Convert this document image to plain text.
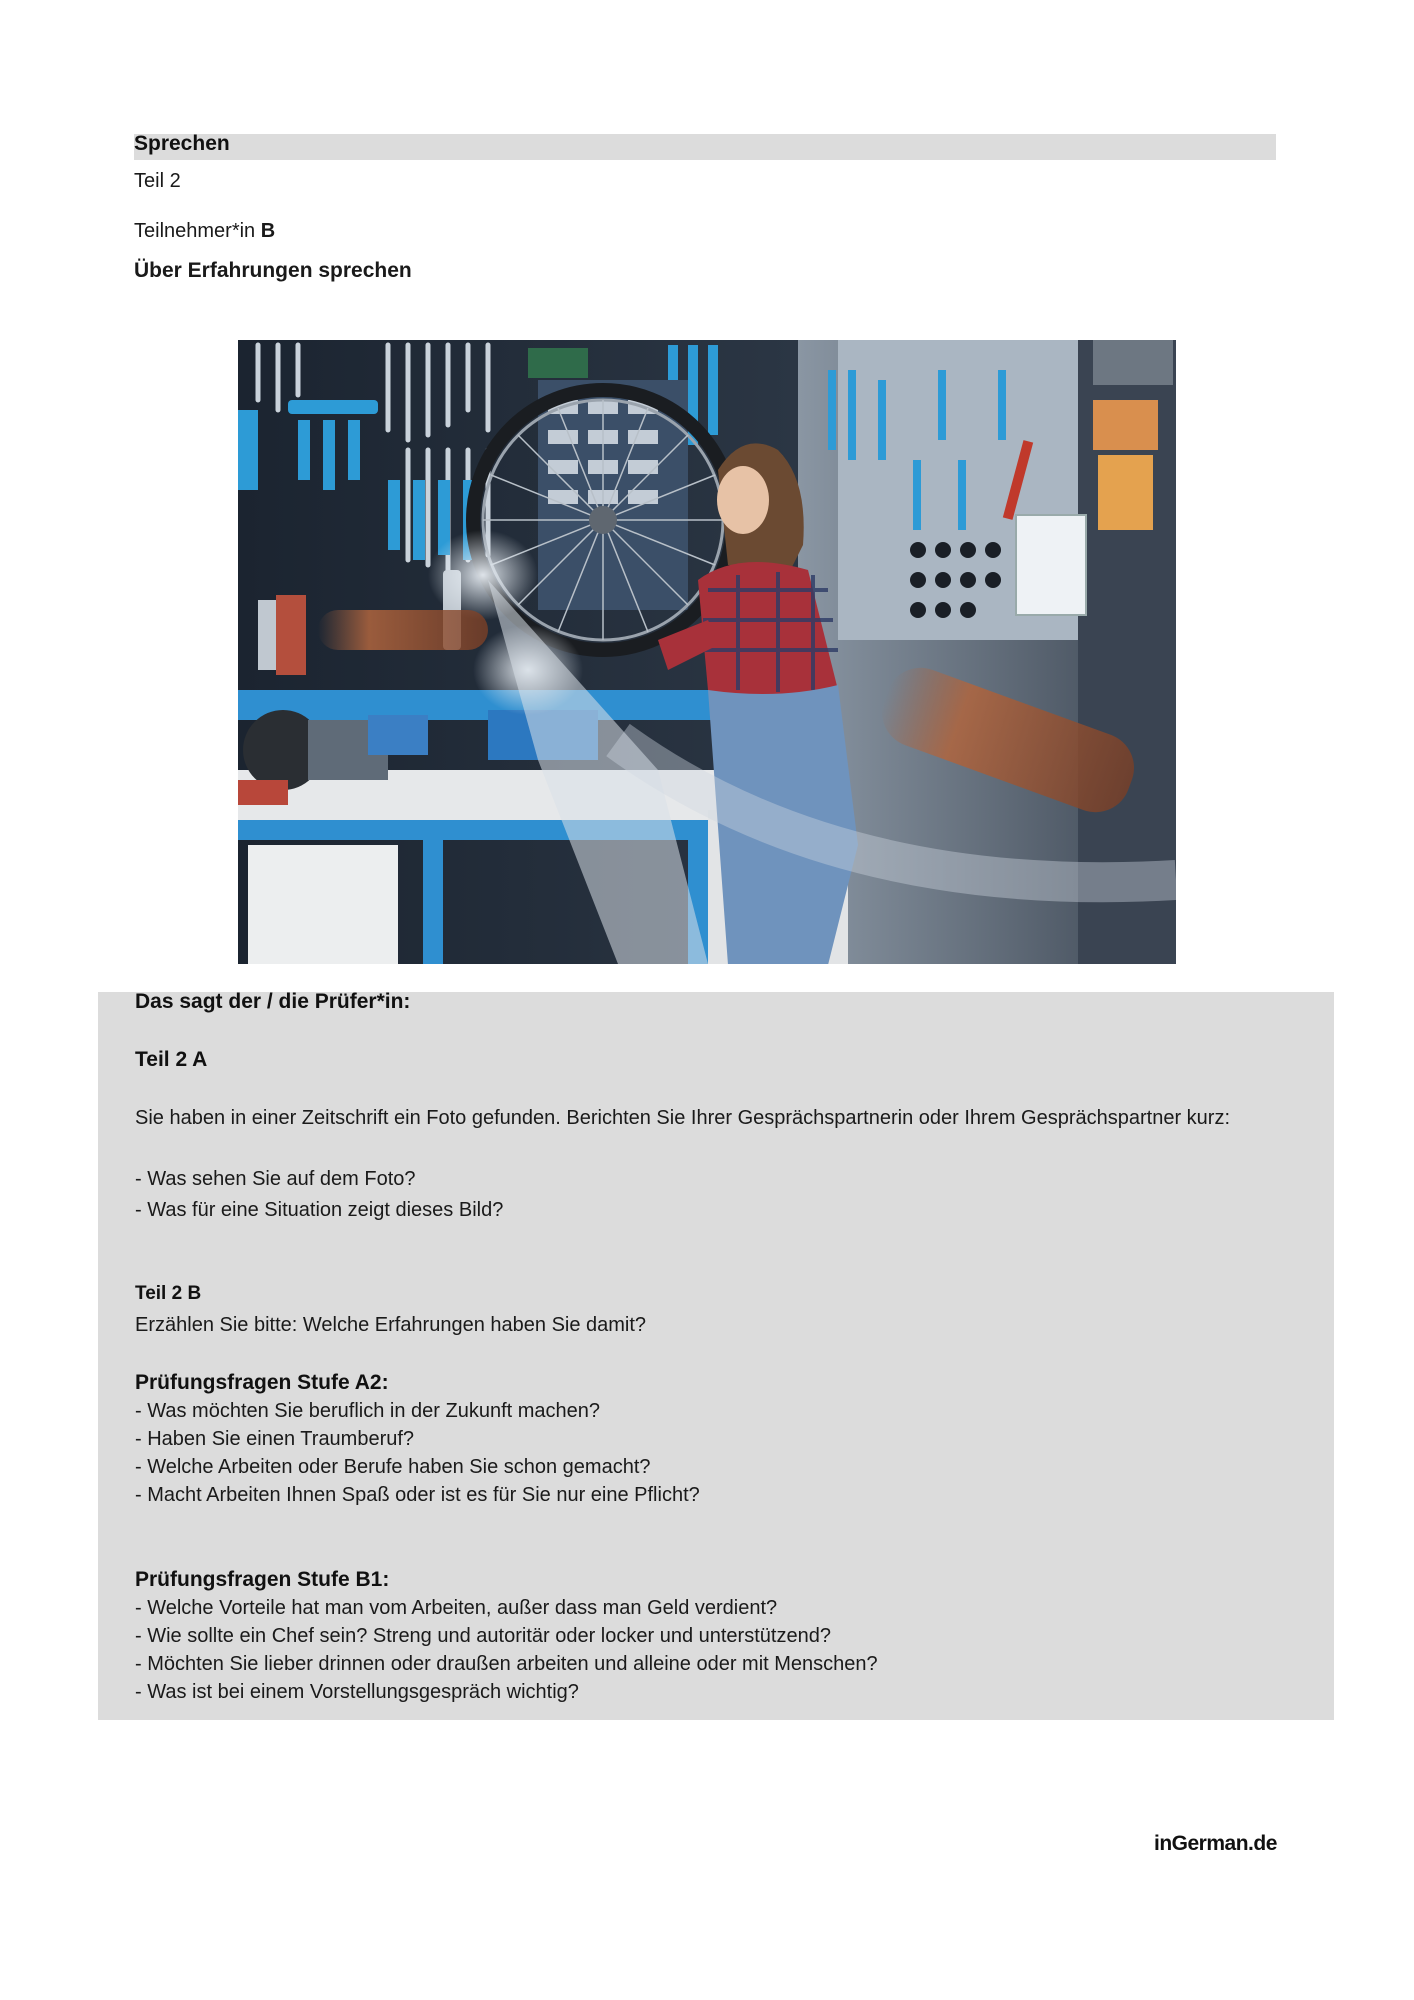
Sprechen
Teil 2
Teilnehmer*in B
Über Erfahrungen sprechen
Das sagt der / die Prüfer*in:
Teil 2 A
Sie haben in einer Zeitschrift ein Foto gefunden. Berichten Sie Ihrer Gesprächspartnerin oder Ihrem Gesprächspartner kurz:
- Was sehen Sie auf dem Foto?
- Was für eine Situation zeigt dieses Bild?
Teil 2 B
Erzählen Sie bitte: Welche Erfahrungen haben Sie damit?
Prüfungsfragen Stufe A2:
- Was möchten Sie beruflich in der Zukunft machen?
- Haben Sie einen Traumberuf?
- Welche Arbeiten oder Berufe haben Sie schon gemacht?
- Macht Arbeiten Ihnen Spaß oder ist es für Sie nur eine Pflicht?
Prüfungsfragen Stufe B1:
- Welche Vorteile hat man vom Arbeiten, außer dass man Geld verdient?
- Wie sollte ein Chef sein? Streng und autoritär oder locker und unterstützend?
- Möchten Sie lieber drinnen oder draußen arbeiten und alleine oder mit Menschen?
- Was ist bei einem Vorstellungsgespräch wichtig?
inGerman.de
